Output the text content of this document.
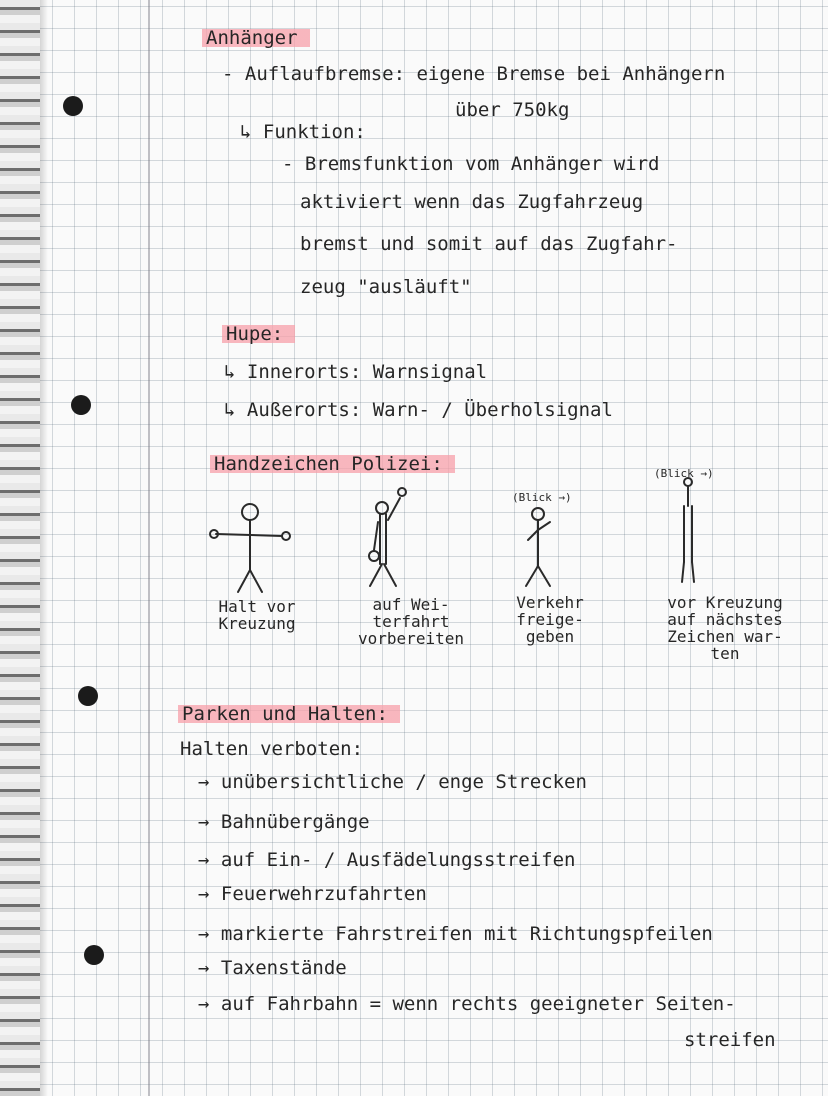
Anhänger
- Auflaufbremse: eigene Bremse bei Anhängern
über 750kg
↳ Funktion:
- Bremsfunktion vom Anhänger wird
aktiviert wenn das Zugfahrzeug
bremst und somit auf das Zugfahr-
zeug "ausläuft"
Hupe:
↳ Innerorts: Warnsignal
↳ Außerorts: Warn- / Überholsignal
Handzeichen Polizei:
(Blick →)
(Blick →)
Halt vor
Kreuzung
auf Wei-
terfahrt
vorbereiten
Verkehr
freige-
geben
vor Kreuzung
auf nächstes
Zeichen war-
ten
Parken und Halten:
Halten verboten:
→ unübersichtliche / enge Strecken
→ Bahnübergänge
→ auf Ein- / Ausfädelungsstreifen
→ Feuerwehrzufahrten
→ markierte Fahrstreifen mit Richtungspfeilen
→ Taxenstände
→ auf Fahrbahn = wenn rechts geeigneter Seiten-
streifen
